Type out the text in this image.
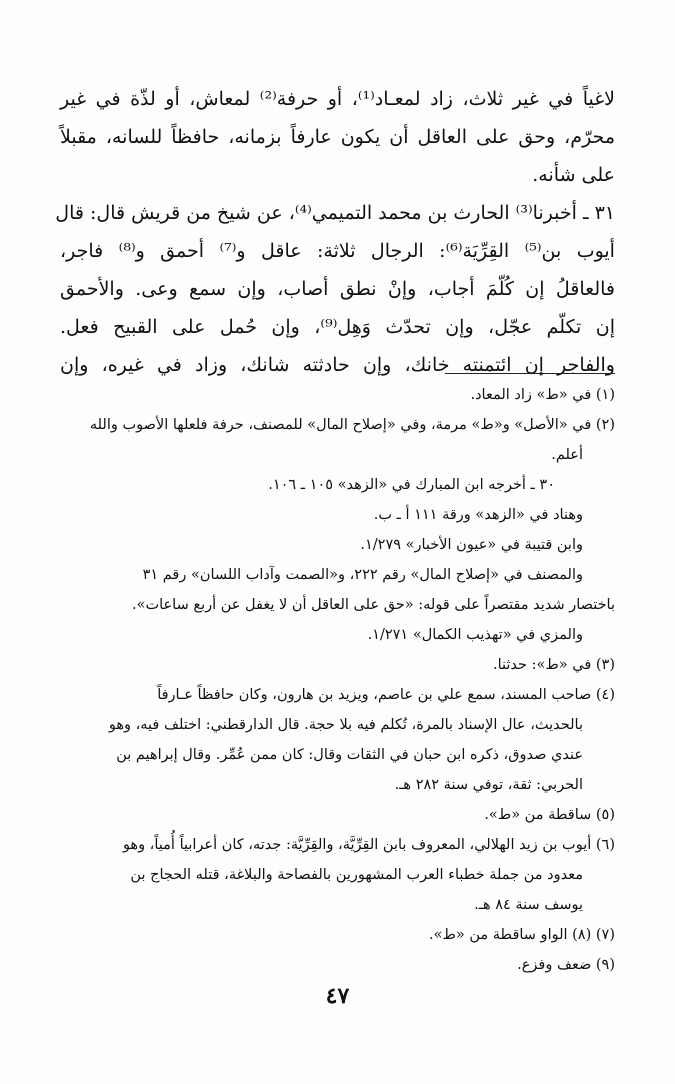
لاغياً في غير ثلاث، زاد لمعـاد⁽¹⁾، أو حرفة⁽²⁾ لمعاش، أو لذّة في غير
محرّم، وحق على العاقل أن يكون عارفاً بزمانه، حافظاً للسانه، مقبلاً
على شأنه.
٣١ ـ أخبرنا⁽³⁾ الحارث بن محمد التميمي⁽⁴⁾، عن شيخ من قريش قال: قال
أيوب بن⁽⁵⁾ القِرِّيَة⁽⁶⁾: الرجال ثلاثة: عاقل و⁽⁷⁾ أحمق و⁽⁸⁾ فاجر،
فالعاقلُ إن كُلّمَ أجاب، وإنْ نطق أصاب، وإن سمع وعى. والأحمق
إن تكلّم عجّل، وإن تحدّث وَهِل⁽⁹⁾، وإن حُمل على القبيح فعل.
والفاجر إن ائتمنته خانك، وإن حادثته شانك، وزاد في غيره، وإن
(١) في «ط» زاد المعاد.
(٢) في «الأصل» و«ط» مرمة، وفي «إصلاح المال» للمصنف، حرفة فلعلها الأصوب والله
أعلم.
٣٠ ـ أخرجه ابن المبارك في «الزهد» ١٠٥ ـ ١٠٦.
وهناد في «الزهد» ورقة ١١١ أ ـ ب.
وابن قتيبة في «عيون الأخبار» ١/٢٧٩.
والمصنف في «إصلاح المال» رقم ٢٢٢، و«الصمت وآداب اللسان» رقم ٣١
باختصار شديد مقتصراً على قوله: «حق على العاقل أن لا يغفل عن أربع ساعات».
والمزي في «تهذيب الكمال» ١/٢٧١.
(٣) في «ط»: حدثنا.
(٤) صاحب المسند، سمع علي بن عاصم، ويزيد بن هارون، وكان حافظاً عـارفاً
بالحديث، عال الإسناد بالمرة، تُكلم فيه بلا حجة. قال الدارقطني: اختلف فيه، وهو
عندي صدوق، ذكره ابن حبان في الثقات وقال: كان ممن عُمِّر. وقال إبراهيم بن
الحربي: ثقة، توفي سنة ٢٨٢ هـ.
(٥) ساقطة من «ط».
(٦) أيوب بن زيد الهلالي، المعروف بابن القِرِّيَّة، والقِرِّيَّة: جدته، كان أعرابياً أُمياً، وهو
معدود من جملة خطباء العرب المشهورين بالفصاحة والبلاغة، قتله الحجاج بن
يوسف سنة ٨٤ هـ.
(٧) (٨) الواو ساقطة من «ط».
(٩) ضعف وفزع.
٤٧
